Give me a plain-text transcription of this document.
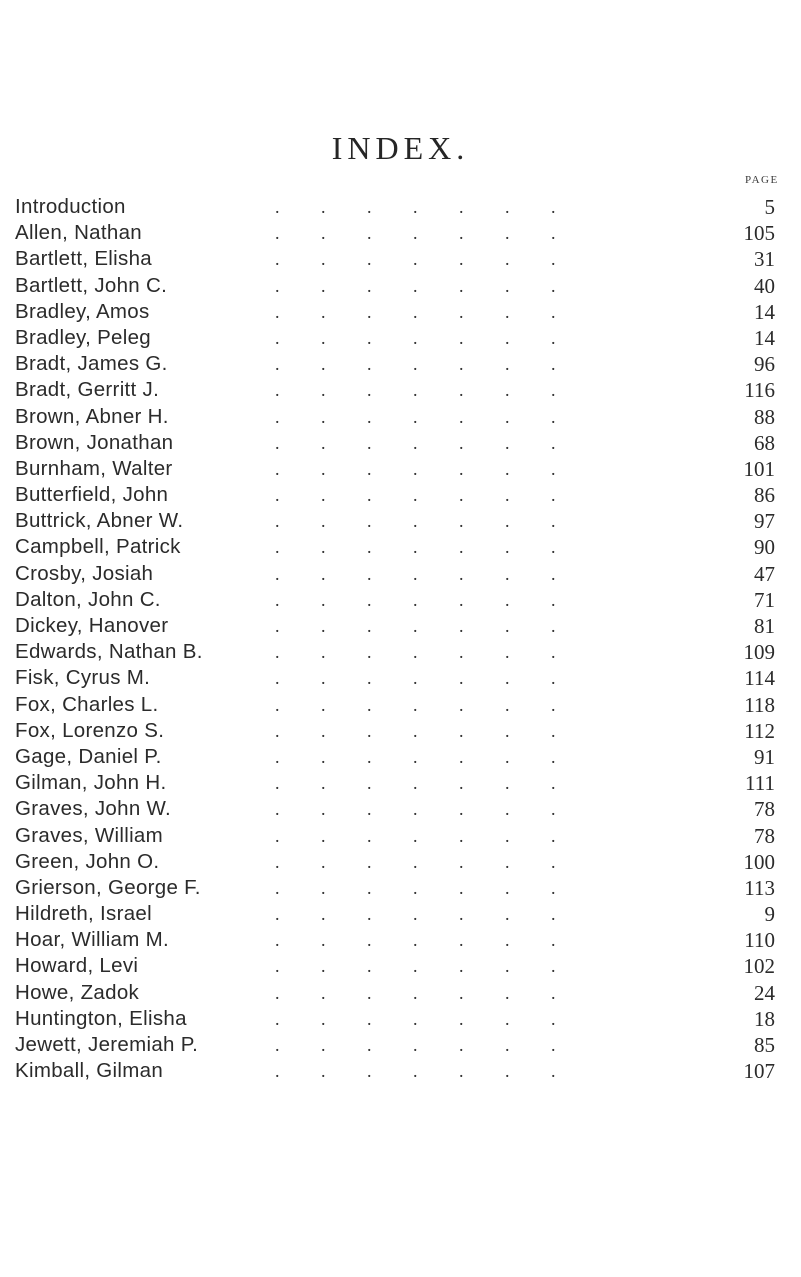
INDEX.
PAGE
Introduction	. . . . . . .	5
Allen, Nathan	. . . . . . .	105
Bartlett, Elisha	. . . . . . .	31
Bartlett, John C.	. . . . . . .	40
Bradley, Amos	. . . . . . .	14
Bradley, Peleg	. . . . . . .	14
Bradt, James G.	. . . . . . .	96
Bradt, Gerritt J.	. . . . . . .	116
Brown, Abner H.	. . . . . . .	88
Brown, Jonathan	. . . . . . .	68
Burnham, Walter	. . . . . . .	101
Butterfield, John	. . . . . . .	86
Buttrick, Abner W.	. . . . . . .	97
Campbell, Patrick	. . . . . . .	90
Crosby, Josiah	. . . . . . .	47
Dalton, John C.	. . . . . . .	71
Dickey, Hanover	. . . . . . .	81
Edwards, Nathan B.	. . . . . . .	109
Fisk, Cyrus M.	. . . . . . .	114
Fox, Charles L.	. . . . . . .	118
Fox, Lorenzo S.	. . . . . . .	112
Gage, Daniel P.	. . . . . . .	91
Gilman, John H.	. . . . . . .	111
Graves, John W.	. . . . . . .	78
Graves, William	. . . . . . .	78
Green, John O.	. . . . . . .	100
Grierson, George F.	. . . . . . .	113
Hildreth, Israel	. . . . . . .	9
Hoar, William M.	. . . . . . .	110
Howard, Levi	. . . . . . .	102
Howe, Zadok	. . . . . . .	24
Huntington, Elisha	. . . . . . .	18
Jewett, Jeremiah P.	. . . . . . .	85
Kimball, Gilman	. . . . . . .	107
